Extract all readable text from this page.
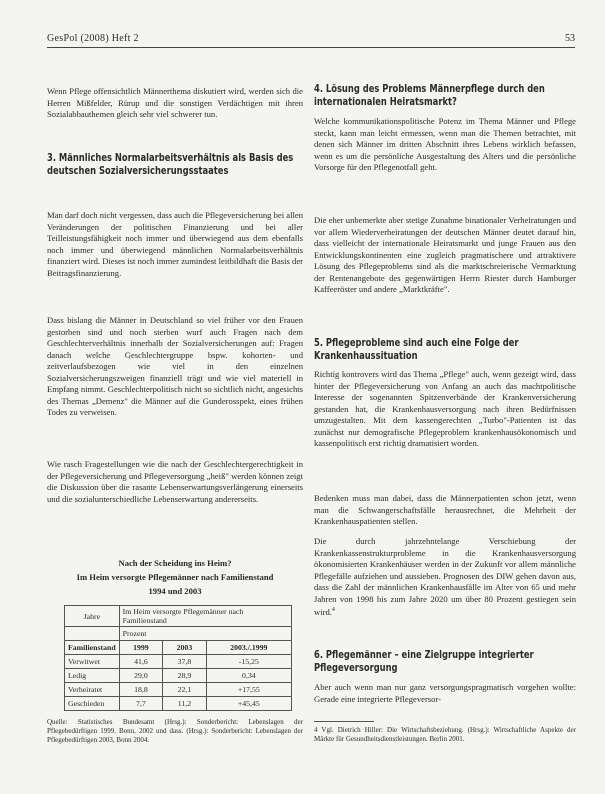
GesPol (2008) Heft 2	53

Wenn Pflege offensichtlich Männerthema diskutiert wird, werden sich die Herren Mißfelder, Rürup und die sonstigen Verdächtigen mit ihren Sozialabbauthemen gleich sehr viel schwerer tun.

3. Männliches Normalarbeitsverhältnis als Basis des deutschen Sozialversicherungsstaates

Man darf doch nicht vergessen, dass auch die Pflegeversicherung bei allen Veränderungen der politischen Finanzierung und bei aller Teilleistungsfähigkeit noch immer und überwiegend aus dem ebenfalls noch immer und überwiegend männlichen Normalarbeitsverhältnis finanziert wird. Dieses ist noch immer zumindest leitbildhaft die Basis der Beitragsfinanzierung.

Dass bislang die Männer in Deutschland so viel früher vor den Frauen gestorben sind und noch sterben wurf auch Fragen nach dem Geschlechterverhältnis innerhalb der Sozialversicherungen auf: Fragen danach welche Geschlechtergruppe bspw. kohorten- und zeitverlaufsbezogen wie viel in den einzelnen Sozialversicherungszweigen finanziell trägt und wie viel materiell in Empfang nimmt. Geschlechterpolitisch nicht so sichtlich nicht, angesichts des Themas „Demenz" die Männer auf die Gunderosspekt, eines frühen Todes zu verweisen.

Wie rasch Fragestellungen wie die nach der Geschlechtergerechtigkeit in der Pflegeversicherung und Pflegeversorgung „heiß" werden können zeigt die Diskussion über die rasante Lebenserwartungsverlängerung einerseits und die sozialunterschiedliche Lebenserwartung andererseits.

Nach der Scheidung ins Heim?
Im Heim versorgte Pflegemänner nach Familienstand
1994 und 2003
Jahre	Im Heim versorgte Pflegemänner nach Familienstand		
	Prozent		
Familienstand	1999	2003	2003./.1999
Verwitwet	41,6	37,8	-15,25
Ledig	29,0	28,9	0,34
Verheiratet	18,8	22,1	+17,55
Geschieden	7,7	11,2	+45,45
Quelle: Statistisches Bundesamt (Hrsg.): Sonderbericht: Lebenslagen der Pflegebedürftigen 1999. Bonn, 2002 und dass. (Hrsg.): Sonderbericht: Lebenslagen der Pflegebedürftigen 2003, Bonn 2004.
4. Lösung des Problems Männerpflege durch den internationalen Heiratsmarkt?

Welche kommunikationspolitische Potenz im Thema Männer und Pflege steckt, kann man leicht ermessen, wenn man die Themen betrachtet, mit denen sich Männer im dritten Abschnitt ihres Lebens wirklich befassen, wenn es um die persönliche Ausgestaltung des Alters und die persönliche Vorsorge für den Pflegenotfall geht.

Die eher unbemerkte aber stetige Zunahme binationaler Verheiratungen und vor allem Wiederverheiratungen der deutschen Männer deutet darauf hin, dass vielleicht der internationale Heiratsmarkt und junge Frauen aus den Entwicklungskontinenten eine zugleich pragmatischere und attraktivere Lösung des Pflegeproblems sind als die marktschreierische Vermarktung der Rentenangebote des gegenwärtigen Herrn Riester durch Hamburger Kaffeeröster und andere „Marktkräfte".

5. Pflegeprobleme sind auch eine Folge der Krankenhaussituation

Richtig kontrovers wird das Thema „Pflege" auch, wenn gezeigt wird, dass hinter der Pflegeversicherung von Anfang an auch das machtpolitische Interesse der sogenannten Spitzenverbände der Krankenversicherung gestanden hat, die Krankenhausversorgung nach ihren Bedürfnissen umzugestalten. Mit dem kassengerechten „Turbo"-Patienten ist das zunächst nur demografische Pflegeproblem krankenhausökonomisch und kassenpolitisch erst richtig dramatisiert worden.

Bedenken muss man dabei, dass die Männerpatienten schon jetzt, wenn man die Schwangerschaftsfälle herausrechnet, die Mehrheit der Krankenhauspatienten stellen.

Die durch jahrzehntelange Verschiebung der Krankenkassenstrukturprobleme in die Krankenhausversorgung ökonomisierten Krankenhäuser werden in der Zukunft vor allem männliche Pflegefälle aufziehen und aussieben. Prognosen des DIW gehen davon aus, dass die Zahl der männlichen Krankenhausfälle im Alter von 65 und mehr Jahren von 1998 bis zum Jahre 2020 um über 80 Prozent gestiegen sein wird.$^4$

6. Pflegemänner – eine Zielgruppe integrierter Pflegeversorgung

Aber auch wenn man nur ganz versorgungspragmatisch vorgehen wollte: Gerade eine integrierte Pflegeversor-

4 Vgl. Dietrich Hiller: Die Wirtschaftsbeziehung. (Hrsg.): Wirtschaftliche Aspekte der Märkte für Gesundheitsdienstleistungen. Berlin 2001.
